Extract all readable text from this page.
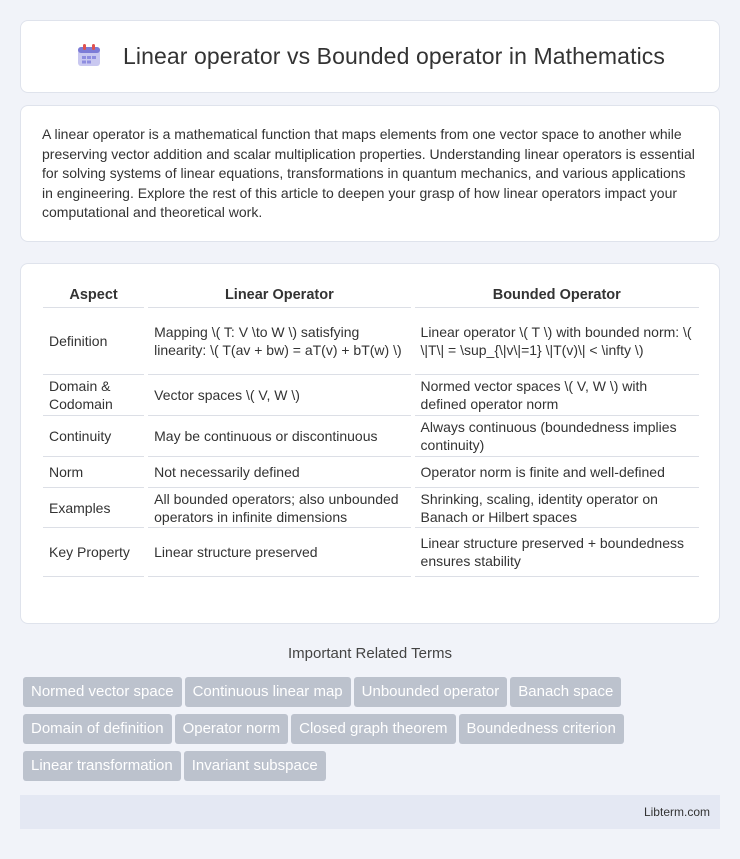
Linear operator vs Bounded operator in Mathematics

A linear operator is a mathematical function that maps elements from one vector space to another while preserving vector addition and scalar multiplication properties. Understanding linear operators is essential for solving systems of linear equations, transformations in quantum mechanics, and various applications in engineering. Explore the rest of this article to deepen your grasp of how linear operators impact your computational and theoretical work.

Aspect		Linear Operator		Bounded Operator
Definition		Mapping \( T: V \to W \) satisfying linearity: \( T(av + bw) = aT(v) + bT(w) \)		Linear operator \( T \) with bounded norm: \( \|T\| = \sup_{\|v\|=1} \|T(v)\| < \infty \)
Domain & Codomain		Vector spaces \( V, W \)		Normed vector spaces \( V, W \) with defined operator norm
Continuity		May be continuous or discontinuous		Always continuous (boundedness implies continuity)
Norm		Not necessarily defined		Operator norm is finite and well-defined
Examples		All bounded operators; also unbounded operators in infinite dimensions		Shrinking, scaling, identity operator on Banach or Hilbert spaces
Key Property		Linear structure preserved		Linear structure preserved + boundedness ensures stability
Important Related Terms
Normed vector space	Continuous linear map	Unbounded operator	Banach space
Domain of definition	Operator norm	Closed graph theorem	Boundedness criterion
Linear transformation	Invariant subspace
Libterm.com
